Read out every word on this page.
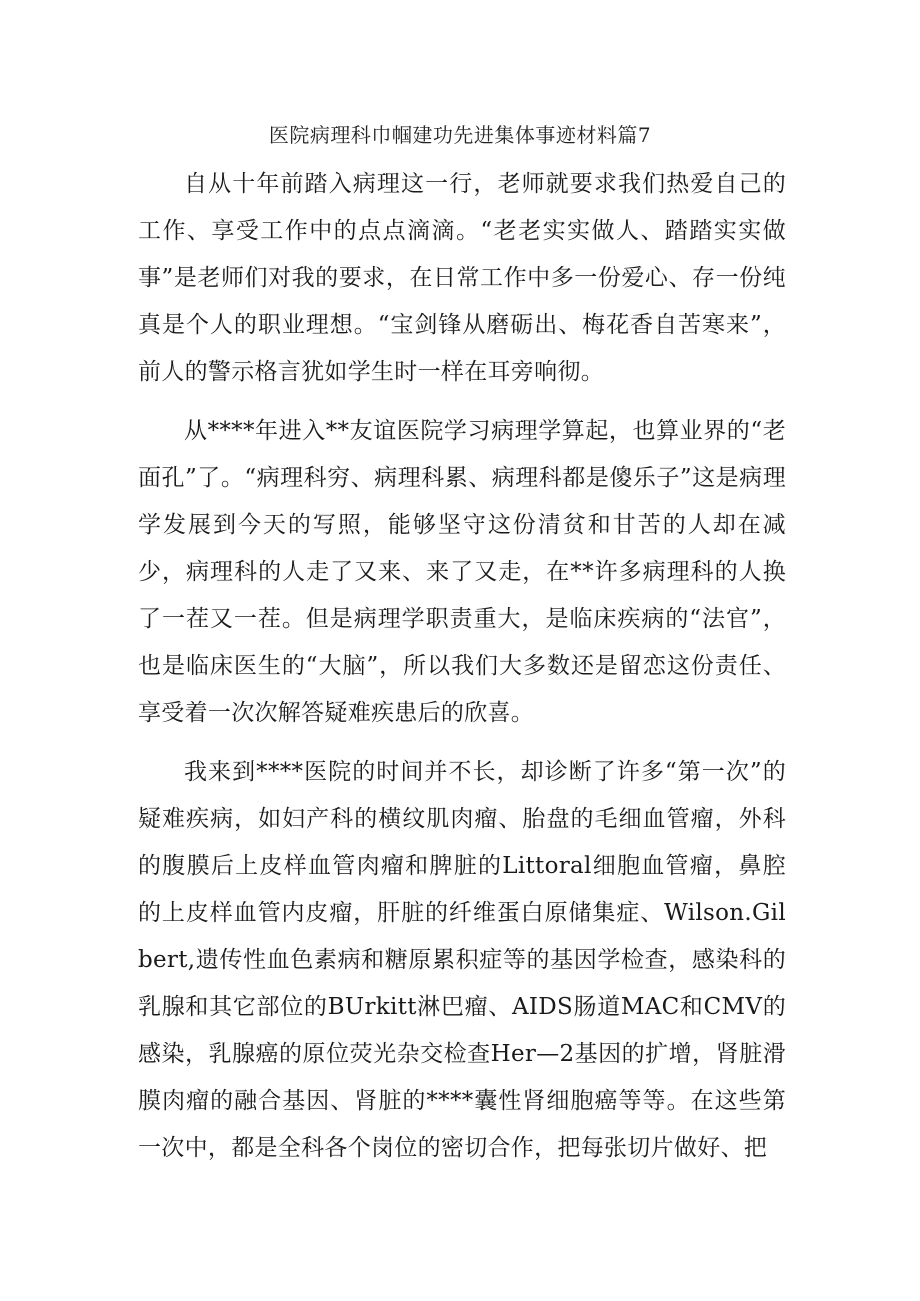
医院病理科巾帼建功先进集体事迹材料篇7

自从十年前踏入病理这一行，老师就要求我们热爱自己的工作、享受工作中的点点滴滴。“老老实实做人、踏踏实实做事”是老师们对我的要求，在日常工作中多一份爱心、存一份纯真是个人的职业理想。“宝剑锋从磨砺出、梅花香自苦寒来”，前人的警示格言犹如学生时一样在耳旁响彻。

从****年进入**友谊医院学习病理学算起，也算业界的“老面孔”了。“病理科穷、病理科累、病理科都是傻乐子”这是病理学发展到今天的写照，能够坚守这份清贫和甘苦的人却在减少，病理科的人走了又来、来了又走，在**许多病理科的人换了一茬又一茬。但是病理学职责重大，是临床疾病的“法官”，也是临床医生的“大脑”，所以我们大多数还是留恋这份责任、享受着一次次解答疑难疾患后的欣喜。

我来到****医院的时间并不长，却诊断了许多“第一次”的疑难疾病，如妇产科的横纹肌肉瘤、胎盘的毛细血管瘤，外科的腹膜后上皮样血管肉瘤和脾脏的Littoral细胞血管瘤，鼻腔的上皮样血管内皮瘤，肝脏的纤维蛋白原储集症、Wilson.Gilbert,遗传性血色素病和糖原累积症等的基因学检查，感染科的乳腺和其它部位的BUrkitt淋巴瘤、AIDS肠道MAC和CMV的感染，乳腺癌的原位荧光杂交检查Her—2基因的扩增，肾脏滑膜肉瘤的融合基因、肾脏的****囊性肾细胞癌等等。在这些第一次中，都是全科各个岗位的密切合作，把每张切片做好、把
